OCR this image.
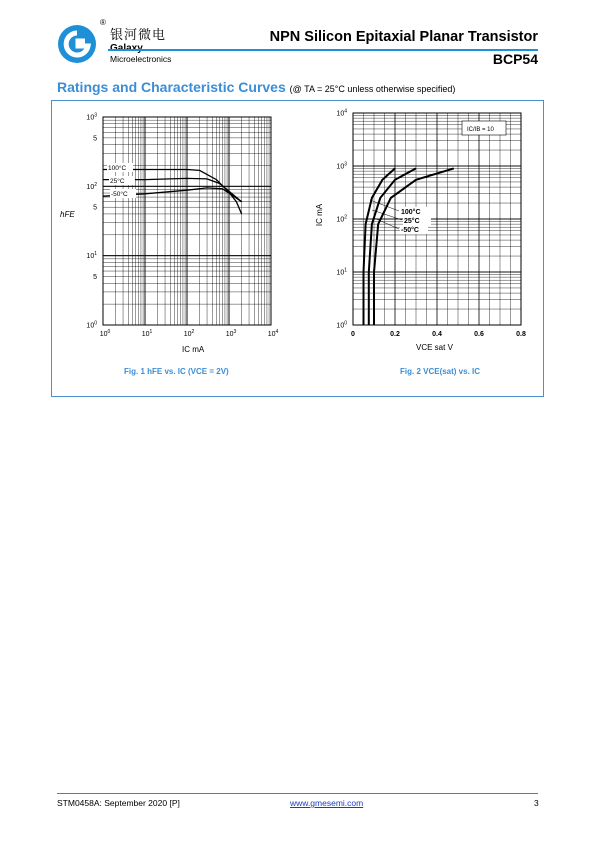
®
银河微电
Microelectronics
NPN Silicon Epitaxial Planar Transistor
BCP54
Ratings and Characteristic Curves (@ TA = 25°C unless otherwise specified)
$10^3$
5
$10^2$
5
$10^1$
5
$10^0$
$10^0$	$10^1$	$10^2$	$10^3$	$10^4$
hFE
IC mA
100°C
25°C
-50°C
$10^4$
$10^3$
$10^2$
$10^1$
$10^0$
0	0.2	0.4	0.6	0.8
IC mA
VCE sat V
IC/IB = 10
100°C
25°C
-50°C
Fig. 1 hFE vs. IC (VCE = 2V)	Fig. 2 VCE(sat) vs. IC
STM0458A: September 2020 [P]	www.gmesemi.com	3
